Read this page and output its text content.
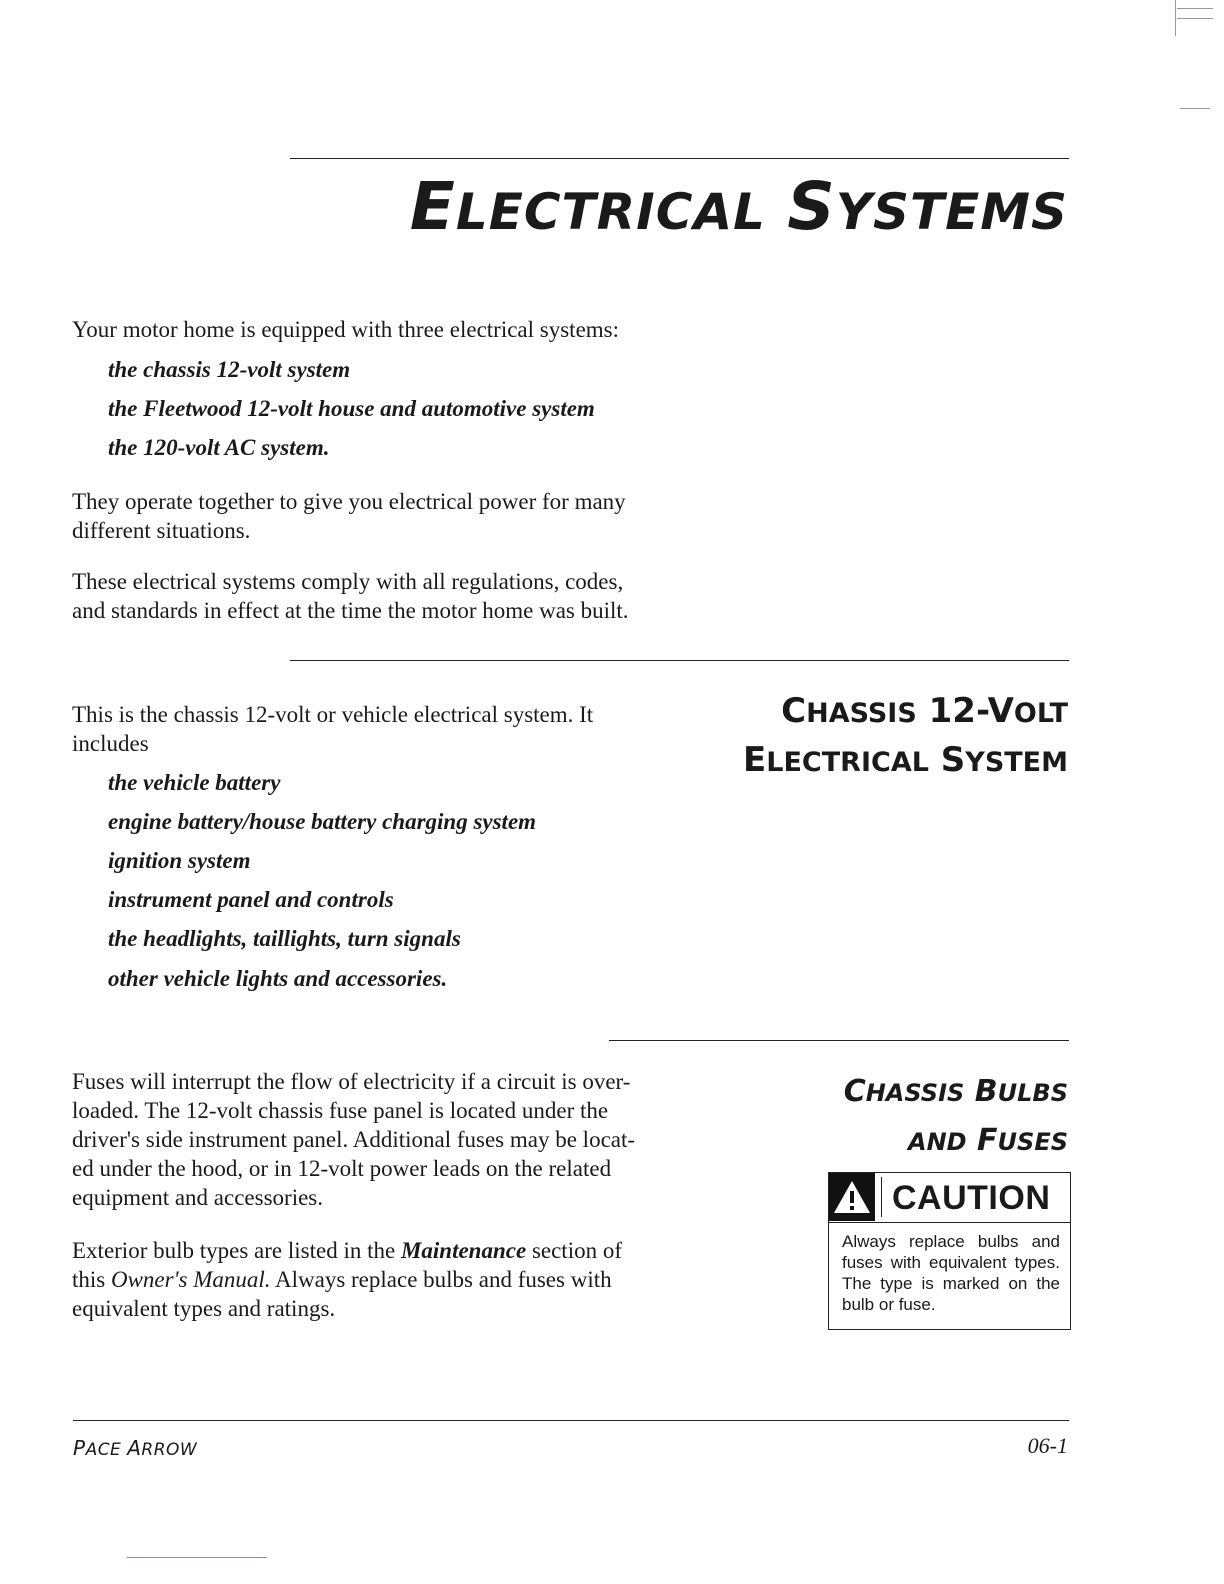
ELECTRICAL SYSTEMS

Your motor home is equipped with three electrical systems:

the chassis 12-volt system

the Fleetwood 12-volt house and automotive system

the 120-volt AC system.

They operate together to give you electrical power for many
different situations.
These electrical systems comply with all regulations, codes,
and standards in effect at the time the motor home was built.
CHASSIS 12-VOLT
ELECTRICAL SYSTEM
This is the chassis 12-volt or vehicle electrical system. It
includes

the vehicle battery

engine battery/house battery charging system

ignition system

instrument panel and controls

the headlights, taillights, turn signals

other vehicle lights and accessories.

CHASSIS BULBS
AND FUSES
Fuses will interrupt the flow of electricity if a circuit is over-
loaded. The 12-volt chassis fuse panel is located under the
driver's side instrument panel. Additional fuses may be locat-
ed under the hood, or in 12-volt power leads on the related
equipment and accessories.
Exterior bulb types are listed in the Maintenance section of
this Owner's Manual. Always replace bulbs and fuses with
equivalent types and ratings.
CAUTION
Always replace bulbs and fuses with equivalent types. The type is marked on the bulb or fuse.
PACE ARROW	06-1
